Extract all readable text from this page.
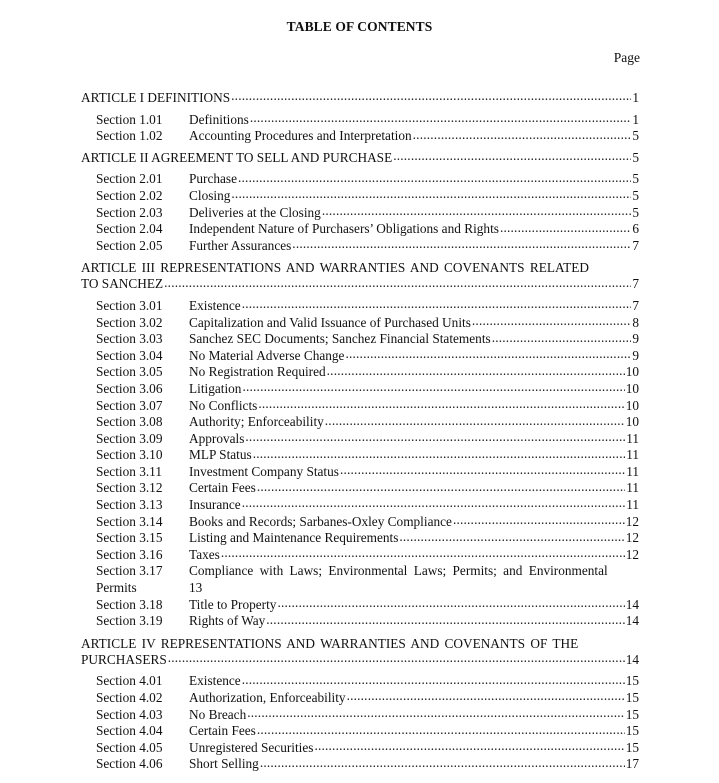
TABLE OF CONTENTS
Page
ARTICLE I DEFINITIONS .....	1
Section 1.01	Definitions .....	1
Section 1.02	Accounting Procedures and Interpretation .....	5
ARTICLE II AGREEMENT TO SELL AND PURCHASE .....	5
Section 2.01	Purchase .....	5
Section 2.02	Closing .....	5
Section 2.03	Deliveries at the Closing .....	5
Section 2.04	Independent Nature of Purchasers’ Obligations and Rights .....	6
Section 2.05	Further Assurances .....	7
ARTICLE III REPRESENTATIONS AND WARRANTIES AND COVENANTS RELATED
TO SANCHEZ .....	7
Section 3.01	Existence .....	7
Section 3.02	Capitalization and Valid Issuance of Purchased Units .....	8
Section 3.03	Sanchez SEC Documents; Sanchez Financial Statements .....	9
Section 3.04	No Material Adverse Change .....	9
Section 3.05	No Registration Required .....	10
Section 3.06	Litigation .....	10
Section 3.07	No Conflicts .....	10
Section 3.08	Authority; Enforceability .....	10
Section 3.09	Approvals .....	11
Section 3.10	MLP Status .....	11
Section 3.11	Investment Company Status .....	11
Section 3.12	Certain Fees .....	11
Section 3.13	Insurance .....	11
Section 3.14	Books and Records; Sarbanes-Oxley Compliance .....	12
Section 3.15	Listing and Maintenance Requirements .....	12
Section 3.16	Taxes .....	12
Section 3.17	Compliance with Laws; Environmental Laws; Permits; and Environmental
Permits	13
Section 3.18	Title to Property .....	14
Section 3.19	Rights of Way .....	14
ARTICLE IV REPRESENTATIONS AND WARRANTIES AND COVENANTS OF THE
PURCHASERS .....	14
Section 4.01	Existence .....	15
Section 4.02	Authorization, Enforceability .....	15
Section 4.03	No Breach .....	15
Section 4.04	Certain Fees .....	15
Section 4.05	Unregistered Securities .....	15
Section 4.06	Short Selling .....	17
